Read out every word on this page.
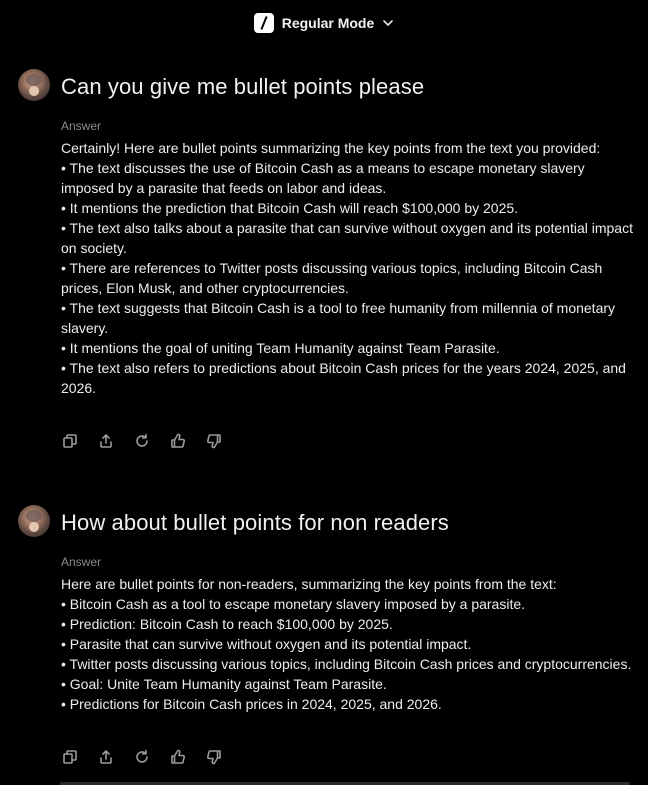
Regular Mode
Can you give me bullet points please
Answer

Certainly! Here are bullet points summarizing the key points from the text you provided:

• The text discusses the use of Bitcoin Cash as a means to escape monetary slavery imposed by a parasite that feeds on labor and ideas.

• It mentions the prediction that Bitcoin Cash will reach $100,000 by 2025.

• The text also talks about a parasite that can survive without oxygen and its potential impact on society.

• There are references to Twitter posts discussing various topics, including Bitcoin Cash prices, Elon Musk, and other cryptocurrencies.

• The text suggests that Bitcoin Cash is a tool to free humanity from millennia of monetary slavery.

• It mentions the goal of uniting Team Humanity against Team Parasite.

• The text also refers to predictions about Bitcoin Cash prices for the years 2024, 2025, and 2026.

How about bullet points for non readers
Answer

Here are bullet points for non-readers, summarizing the key points from the text:

• Bitcoin Cash as a tool to escape monetary slavery imposed by a parasite.

• Prediction: Bitcoin Cash to reach $100,000 by 2025.

• Parasite that can survive without oxygen and its potential impact.

• Twitter posts discussing various topics, including Bitcoin Cash prices and cryptocurrencies.

• Goal: Unite Team Humanity against Team Parasite.

• Predictions for Bitcoin Cash prices in 2024, 2025, and 2026.
